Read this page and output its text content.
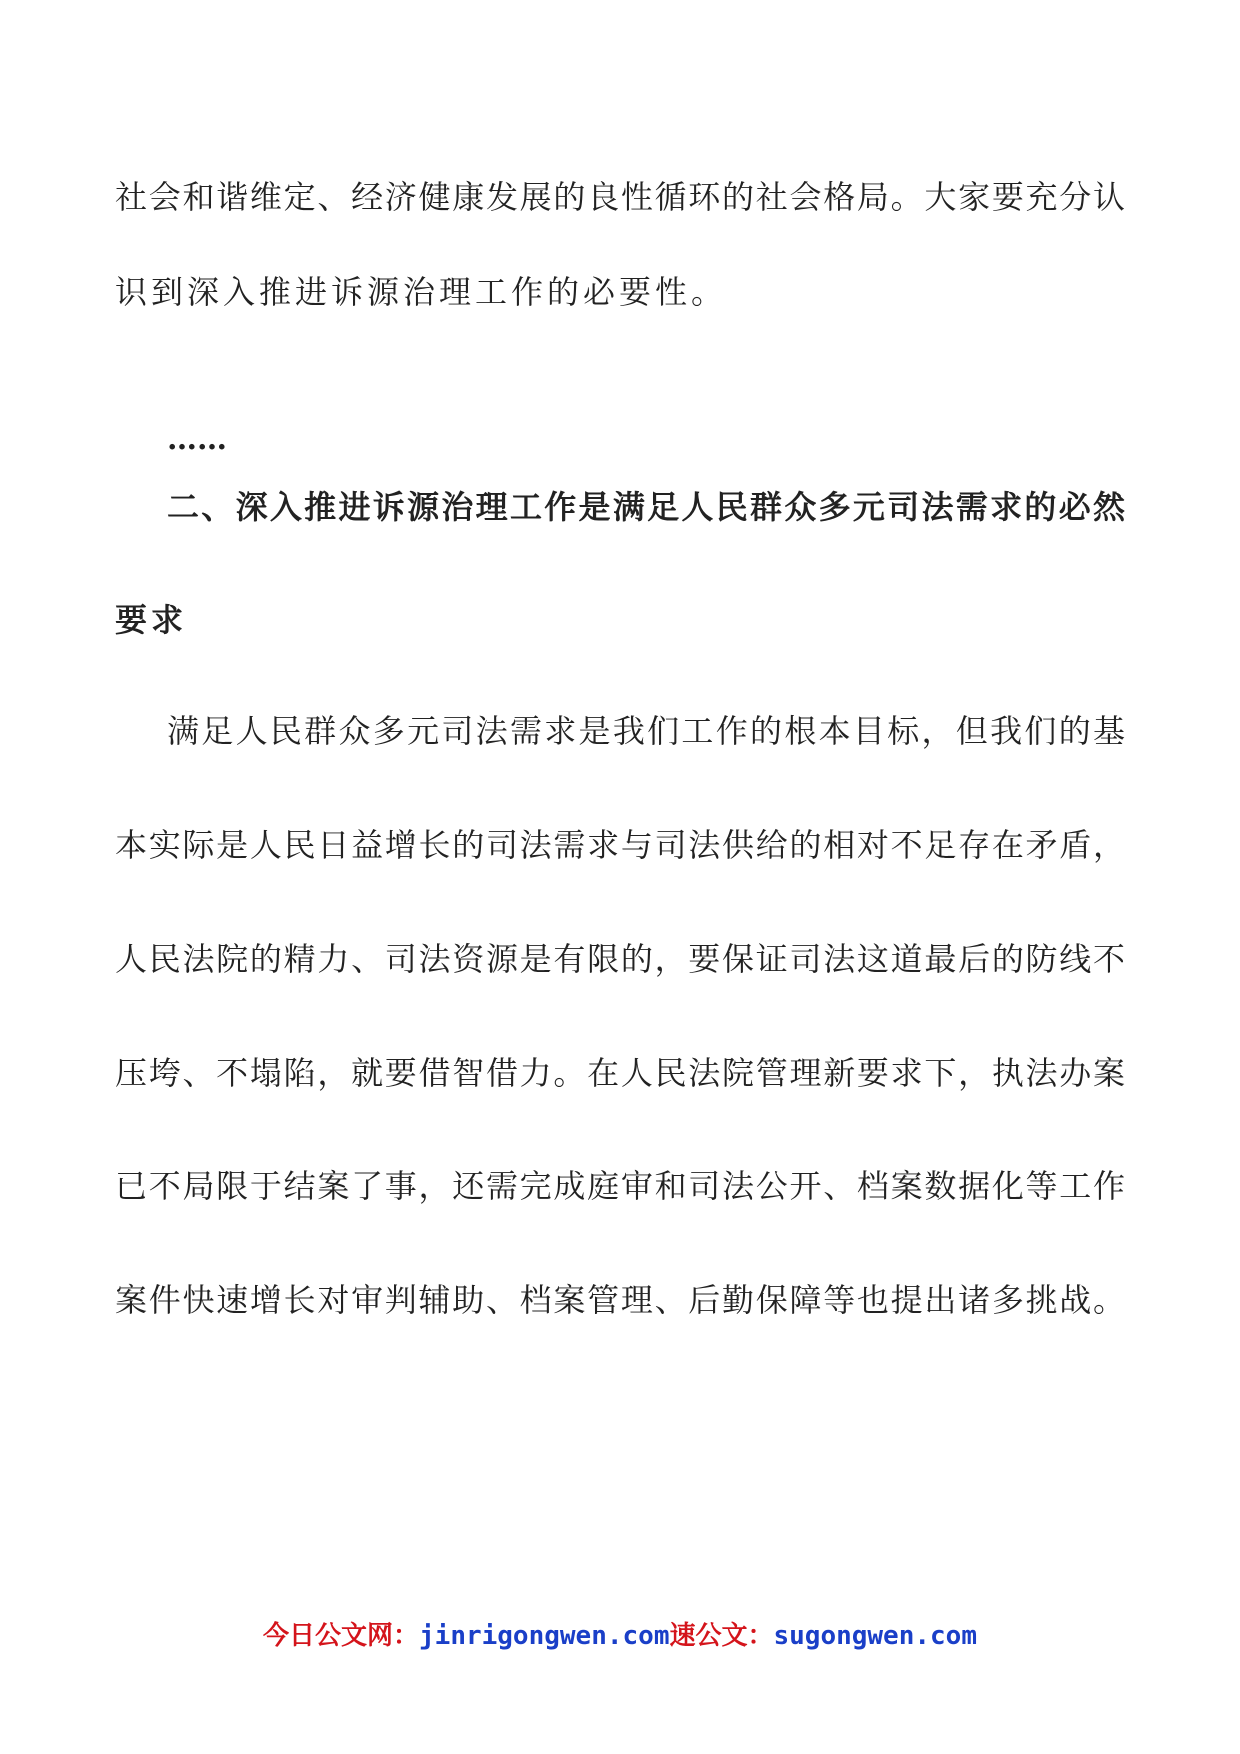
社会和谐维定、经济健康发展的良性循环的社会格局。大家要充分认
识到深入推进诉源治理工作的必要性。
……
二、深入推进诉源治理工作是满足人民群众多元司法需求的必然
要求
满足人民群众多元司法需求是我们工作的根本目标，但我们的基
本实际是人民日益增长的司法需求与司法供给的相对不足存在矛盾，
人民法院的精力、司法资源是有限的，要保证司法这道最后的防线不
压垮、不塌陷，就要借智借力。在人民法院管理新要求下，执法办案
已不局限于结案了事，还需完成庭审和司法公开、档案数据化等工作
案件快速增长对审判辅助、档案管理、后勤保障等也提出诸多挑战。
今日公文网：jinrigongwen.com速公文：sugongwen.com
